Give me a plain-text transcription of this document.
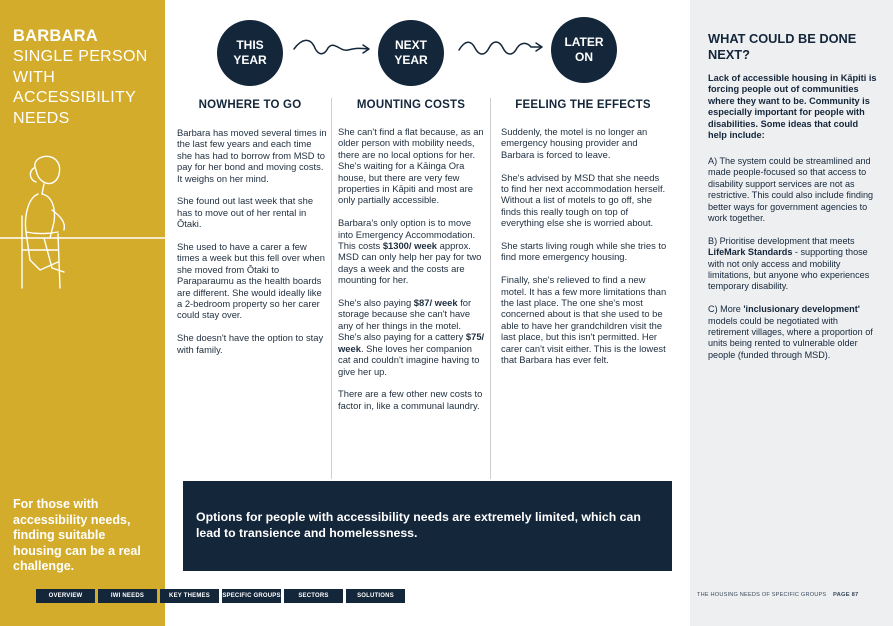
BARBARA
SINGLE PERSON WITH ACCESSIBILITY NEEDS
For those with accessibility needs, finding suitable housing can be a real challenge.
THIS YEAR
NEXT YEAR
LATER ON
NOWHERE TO GO	MOUNTING COSTS	FEELING THE EFFECTS

Barbara has moved several times in the last few years and each time she has had to borrow from MSD to pay for her bond and moving costs. It weighs on her mind.

She found out last week that she has to move out of her rental in Ōtaki.

She used to have a carer a few times a week but this fell over when she moved from Ōtaki to Paraparaumu as the health boards are different. She would ideally like a 2-bedroom property so her carer could stay over.

She doesn't have the option to stay with family.

She can't find a flat because, as an older person with mobility needs, there are no local options for her. She's waiting for a Kāinga Ora house, but there are very few properties in Kāpiti and most are only partially accessible.

Barbara's only option is to move into Emergency Accommodation. This costs $1300/ week approx. MSD can only help her pay for two days a week and the costs are mounting for her.

She's also paying $87/ week for storage because she can't have any of her things in the motel. She's also paying for a cattery $75/ week. She loves her companion cat and couldn't imagine having to give her up.

There are a few other new costs to factor in, like a communal laundry.

Suddenly, the motel is no longer an emergency housing provider and Barbara is forced to leave.

She's advised by MSD that she needs to find her next accommodation herself. Without a list of motels to go off, she finds this really tough on top of everything else she is worried about.

She starts living rough while she tries to find more emergency housing.

Finally, she's relieved to find a new motel. It has a few more limitations than the last place. The one she's most concerned about is that she used to be able to have her grandchildren visit the last place, but this isn't permitted. Her carer can't visit either. This is the lowest that Barbara has ever felt.

Options for people with accessibility needs are extremely limited, which can lead to transience and homelessness.
OVERVIEW	IWI NEEDS	KEY THEMES	SPECIFIC GROUPS	SECTORS	SOLUTIONS
WHAT COULD BE DONE NEXT?
Lack of accessible housing in Kāpiti is forcing people out of communities where they want to be. Community is especially important for people with disabilities. Some ideas that could help include:

A) The system could be streamlined and made people-focused so that access to disability support services are not as restrictive. This could also include finding better ways for government agencies to work together.

B) Prioritise development that meets LifeMark Standards - supporting those with not only access and mobility limitations, but anyone who experiences temporary disability.

C) More 'inclusionary development' models could be negotiated with retirement villages, where a proportion of units being rented to vulnerable older people (funded through MSD).

THE HOUSING NEEDS OF SPECIFIC GROUPS PAGE 87
